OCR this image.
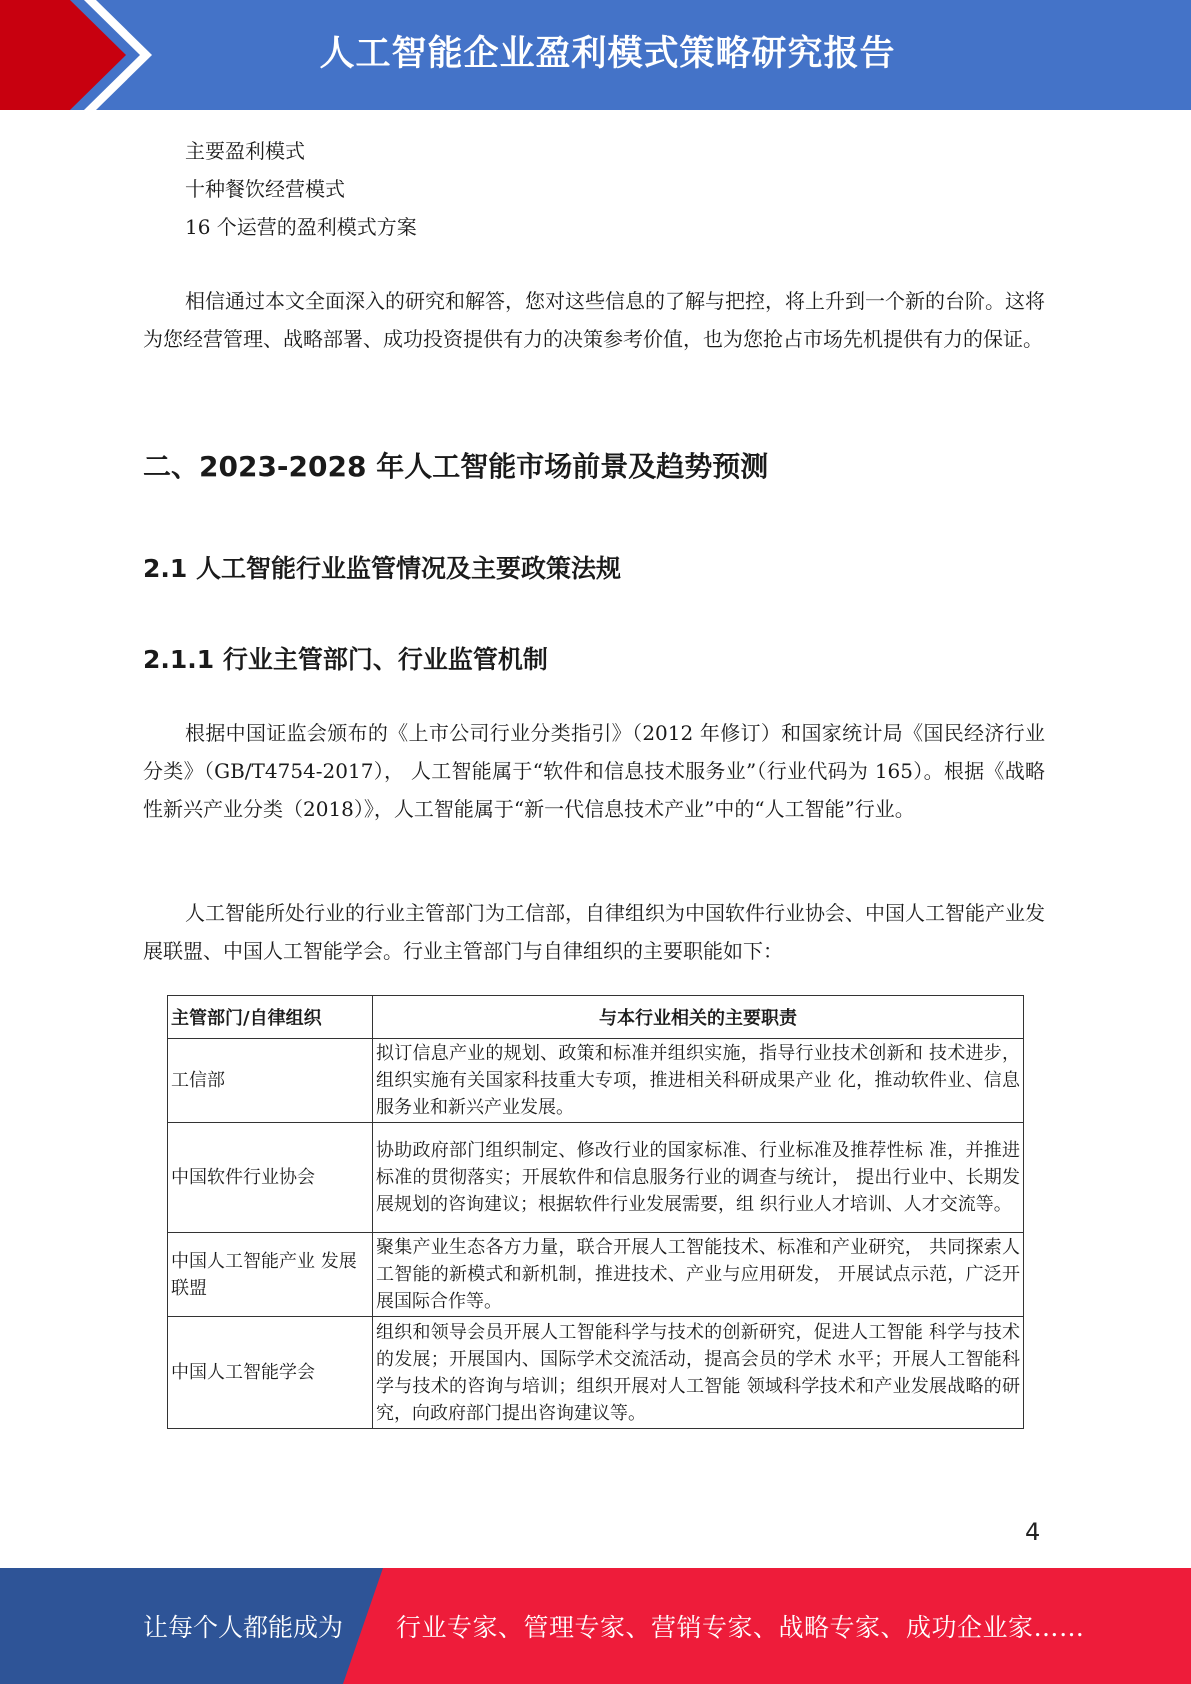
人工智能企业盈利模式策略研究报告
主要盈利模式
十种餐饮经营模式
16 个运营的盈利模式方案

相信通过本文全面深入的研究和解答，您对这些信息的了解与把控，将上升到一个新的台阶。这将为您经营管理、战略部署、成功投资提供有力的决策参考价值，也为您抢占市场先机提供有力的保证。

二、2023-2028 年人工智能市场前景及趋势预测
2.1 人工智能行业监管情况及主要政策法规
2.1.1 行业主管部门、行业监管机制

根据中国证监会颁布的《上市公司行业分类指引》（2012 年修订）和国家统计局《国民经济行业分类》（GB/T4754-2017）， 人工智能属于“软件和信息技术服务业”（行业代码为 165）。根据《战略性新兴产业分类（2018）》，人工智能属于“新一代信息技术产业”中的“人工智能”行业。

人工智能所处行业的行业主管部门为工信部，自律组织为中国软件行业协会、中国人工智能产业发展联盟、中国人工智能学会。行业主管部门与自律组织的主要职能如下：

主管部门/自律组织	与本行业相关的主要职责
工信部	拟订信息产业的规划、政策和标准并组织实施，指导行业技术创新和 技术进步，组织实施有关国家科技重大专项，推进相关科研成果产业 化，推动软件业、信息服务业和新兴产业发展。
中国软件行业协会	协助政府部门组织制定、修改行业的国家标准、行业标准及推荐性标 准，并推进标准的贯彻落实；开展软件和信息服务行业的调查与统计， 提出行业中、长期发展规划的咨询建议；根据软件行业发展需要，组 织行业人才培训、人才交流等。
中国人工智能产业 发展联盟	聚集产业生态各方力量，联合开展人工智能技术、标准和产业研究， 共同探索人工智能的新模式和新机制，推进技术、产业与应用研发， 开展试点示范，广泛开展国际合作等。
中国人工智能学会	组织和领导会员开展人工智能科学与技术的创新研究，促进人工智能 科学与技术的发展；开展国内、国际学术交流活动，提高会员的学术 水平；开展人工智能科学与技术的咨询与培训；组织开展对人工智能 领域科学技术和产业发展战略的研究，向政府部门提出咨询建议等。
4
让每个人都能成为 行业专家、管理专家、营销专家、战略专家、成功企业家……
